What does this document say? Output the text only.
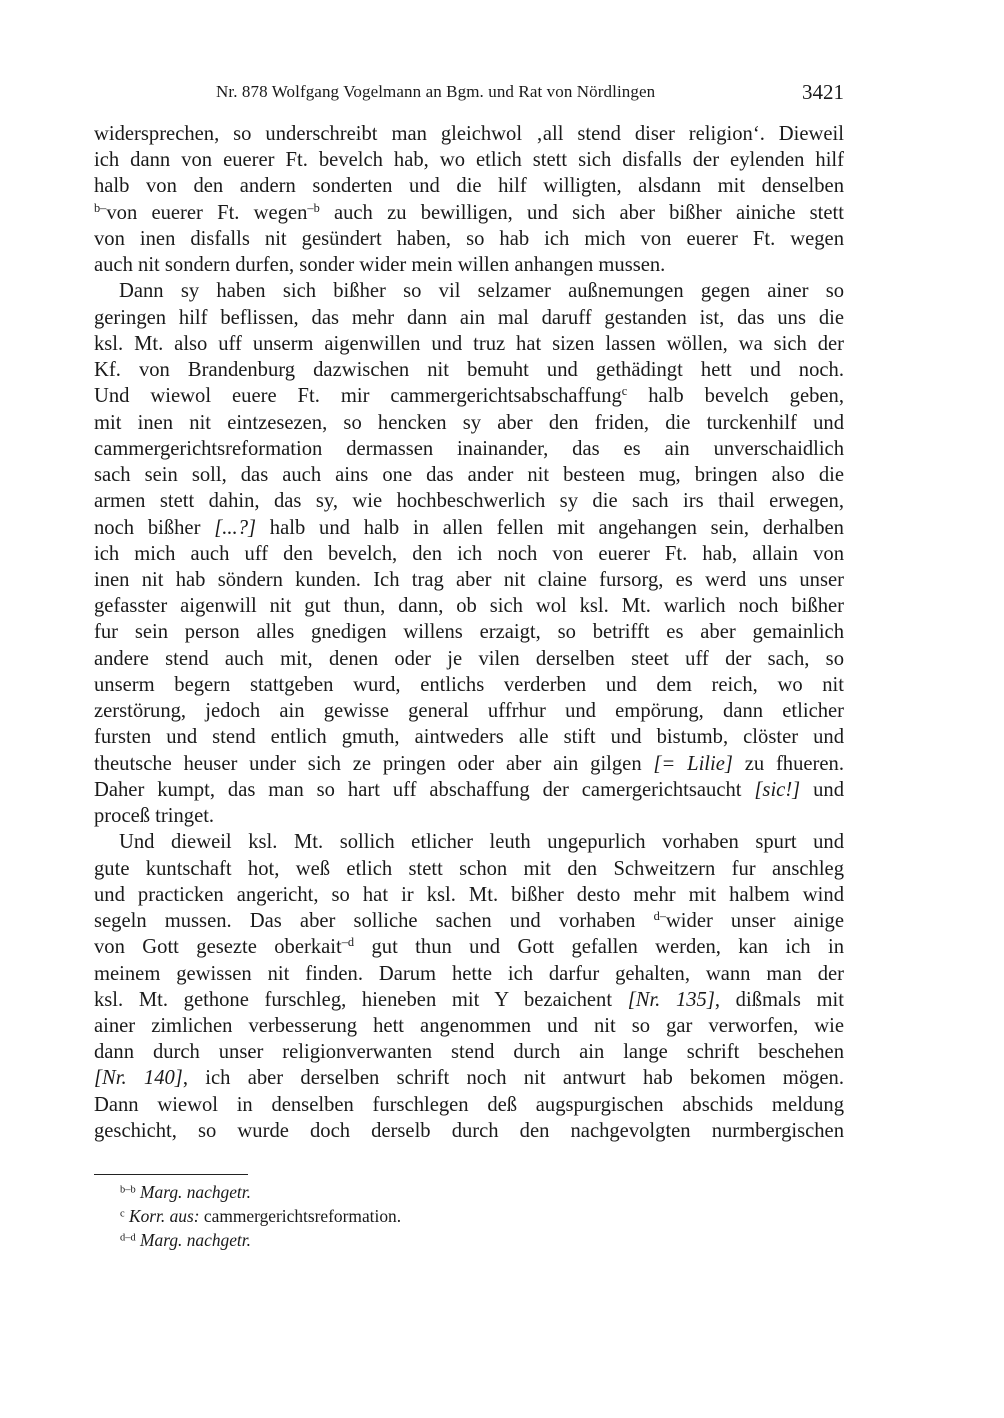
Nr. 878 Wolfgang Vogelmann an Bgm. und Rat von Nördlingen	3421
widersprechen, so underschreibt man gleichwol ‚all stend diser religion‘. Dieweil
ich dann von euerer Ft. bevelch hab, wo etlich stett sich disfalls der eylenden hilf
halb von den andern sonderten und die hilf willigten, alsdann mit denselben
$^{b-}$von euerer Ft. wegen$^{-b}$ auch zu bewilligen, und sich aber bißher ainiche stett
von inen disfalls nit gesündert haben, so hab ich mich von euerer Ft. wegen
auch nit sondern durfen, sonder wider mein willen anhangen mussen.
Dann sy haben sich bißher so vil selzamer außnemungen gegen ainer so
geringen hilf beflissen, das mehr dann ain mal daruff gestanden ist, das uns die
ksl. Mt. also uff unserm aigenwillen und truz hat sizen lassen wöllen, wa sich der
Kf. von Brandenburg dazwischen nit bemuht und gethädingt hett und noch.
Und wiewol euere Ft. mir cammergerichtsabschaffung$^c$ halb bevelch geben,
mit inen nit eintzesezen, so hencken sy aber den friden, die turckenhilf und
cammergerichtsreformation dermassen inainander, das es ain unverschaidlich
sach sein soll, das auch ains one das ander nit besteen mug, bringen also die
armen stett dahin, das sy, wie hochbeschwerlich sy die sach irs thail erwegen,
noch bißher [...?] halb und halb in allen fellen mit angehangen sein, derhalben
ich mich auch uff den bevelch, den ich noch von euerer Ft. hab, allain von
inen nit hab söndern kunden. Ich trag aber nit claine fursorg, es werd uns unser
gefasster aigenwill nit gut thun, dann, ob sich wol ksl. Mt. warlich noch bißher
fur sein person alles gnedigen willens erzaigt, so betrifft es aber gemainlich
andere stend auch mit, denen oder je vilen derselben steet uff der sach, so
unserm begern stattgeben wurd, entlichs verderben und dem reich, wo nit
zerstörung, jedoch ain gewisse general uffrhur und empörung, dann etlicher
fursten und stend entlich gmuth, aintweders alle stift und bistumb, clöster und
theutsche heuser under sich ze pringen oder aber ain gilgen [= Lilie] zu fhueren.
Daher kumpt, das man so hart uff abschaffung der camergerichtsaucht [sic!] und
proceß tringet.
Und dieweil ksl. Mt. sollich etlicher leuth ungepurlich vorhaben spurt und
gute kuntschaft hot, weß etlich stett schon mit den Schweitzern fur anschleg
und practicken angericht, so hat ir ksl. Mt. bißher desto mehr mit halbem wind
segeln mussen. Das aber solliche sachen und vorhaben $^{d-}$wider unser ainige
von Gott gesezte oberkait$^{-d}$ gut thun und Gott gefallen werden, kan ich in
meinem gewissen nit finden. Darum hette ich darfur gehalten, wann man der
ksl. Mt. gethone furschleg, hieneben mit Y bezaichent [Nr. 135], dißmals mit
ainer zimlichen verbesserung hett angenommen und nit so gar verworfen, wie
dann durch unser religionverwanten stend durch ain lange schrift beschehen
[Nr. 140], ich aber derselben schrift noch nit antwurt hab bekomen mögen.
Dann wiewol in denselben furschlegen deß augspurgischen abschids meldung
geschicht, so wurde doch derselb durch den nachgevolgten nurmbergischen
$^{b-b}$ Marg. nachgetr.
$^c$ Korr. aus: cammergerichtsreformation.
$^{d-d}$ Marg. nachgetr.
